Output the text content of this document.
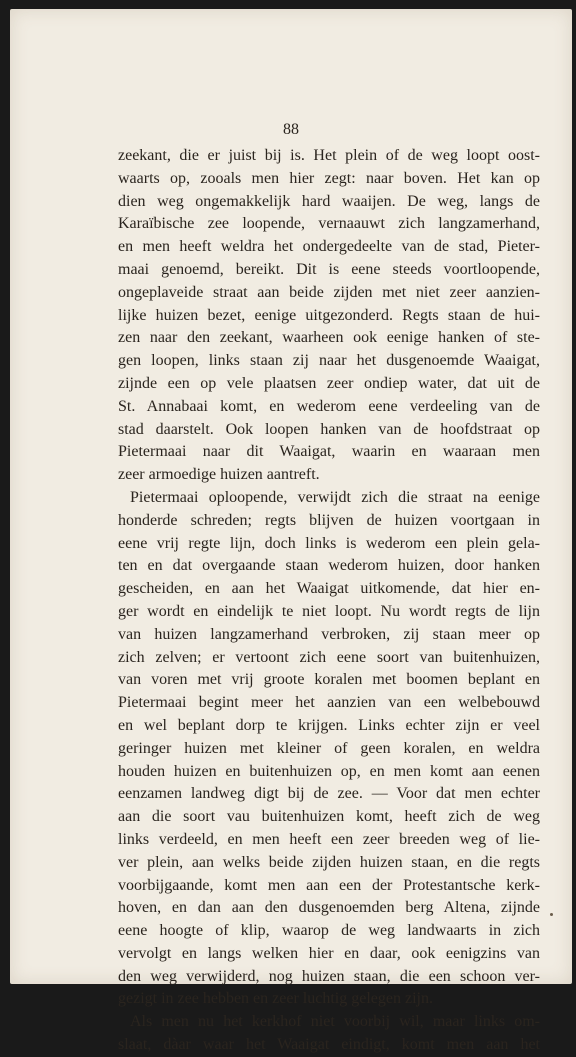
88
zeekant, die er juist bij is. Het plein of de weg loopt oost-
waarts op, zooals men hier zegt: naar boven. Het kan op
dien weg ongemakkelijk hard waaijen. De weg, langs de
Karaïbische zee loopende, vernaauwt zich langzamerhand,
en men heeft weldra het ondergedeelte van de stad, Pieter-
maai genoemd, bereikt. Dit is eene steeds voortloopende,
ongeplaveide straat aan beide zijden met niet zeer aanzien-
lijke huizen bezet, eenige uitgezonderd. Regts staan de hui-
zen naar den zeekant, waarheen ook eenige hanken of ste-
gen loopen, links staan zij naar het dusgenoemde Waaigat,
zijnde een op vele plaatsen zeer ondiep water, dat uit de
St. Annabaai komt, en wederom eene verdeeling van de
stad daarstelt. Ook loopen hanken van de hoofdstraat op
Pietermaai naar dit Waaigat, waarin en waaraan men
zeer armoedige huizen aantreft.
Pietermaai oploopende, verwijdt zich die straat na eenige
honderde schreden; regts blijven de huizen voortgaan in
eene vrij regte lijn, doch links is wederom een plein gela-
ten en dat overgaande staan wederom huizen, door hanken
gescheiden, en aan het Waaigat uitkomende, dat hier en-
ger wordt en eindelijk te niet loopt. Nu wordt regts de lijn
van huizen langzamerhand verbroken, zij staan meer op
zich zelven; er vertoont zich eene soort van buitenhuizen,
van voren met vrij groote koralen met boomen beplant en
Pietermaai begint meer het aanzien van een welbebouwd
en wel beplant dorp te krijgen. Links echter zijn er veel
geringer huizen met kleiner of geen koralen, en weldra
houden huizen en buitenhuizen op, en men komt aan eenen
eenzamen landweg digt bij de zee. — Voor dat men echter
aan die soort vau buitenhuizen komt, heeft zich de weg
links verdeeld, en men heeft een zeer breeden weg of lie-
ver plein, aan welks beide zijden huizen staan, en die regts
voorbijgaande, komt men aan een der Protestantsche kerk-
hoven, en dan aan den dusgenoemden berg Altena, zijnde
eene hoogte of klip, waarop de weg landwaarts in zich
vervolgt en langs welken hier en daar, ook eenigzins van
den weg verwijderd, nog huizen staan, die een schoon ver-
gezigt in zee hebben en zeer luchtig gelegen zijn.
Als men nu het kerkhof niet voorbij wil, maar links om-
slaat, dàar waar het Waaigat eindigt, komt men aan het
